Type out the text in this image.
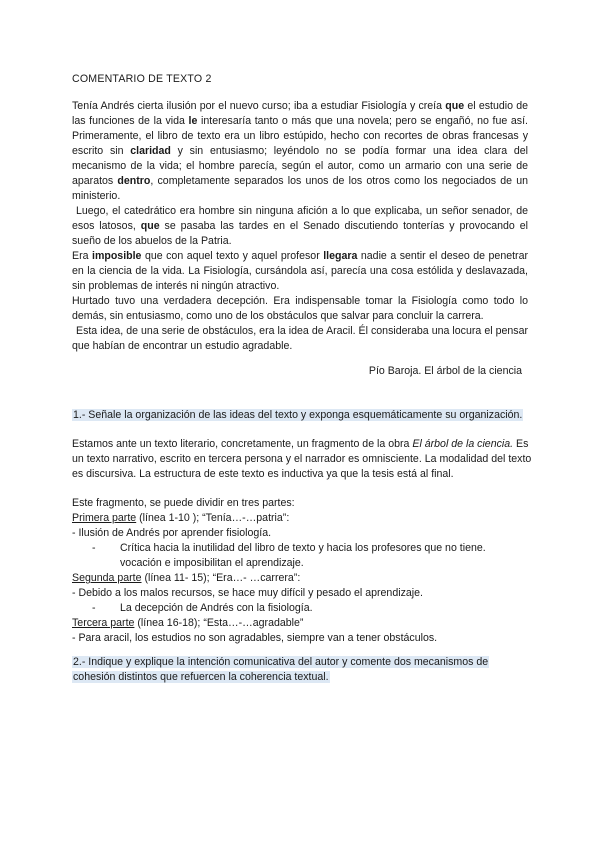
COMENTARIO DE TEXTO 2

Tenía Andrés cierta ilusión por el nuevo curso; iba a estudiar Fisiología y creía que el estudio de las funciones de la vida le interesaría tanto o más que una novela; pero se engañó, no fue así. Primeramente, el libro de texto era un libro estúpido, hecho con recortes de obras francesas y escrito sin claridad y sin entusiasmo; leyéndolo no se podía formar una idea clara del mecanismo de la vida; el hombre parecía, según el autor, como un armario con una serie de aparatos dentro, completamente separados los unos de los otros como los negociados de un ministerio.

Luego, el catedrático era hombre sin ninguna afición a lo que explicaba, un señor senador, de esos latosos, que se pasaba las tardes en el Senado discutiendo tonterías y provocando el sueño de los abuelos de la Patria.

Era imposible que con aquel texto y aquel profesor llegara nadie a sentir el deseo de penetrar en la ciencia de la vida. La Fisiología, cursándola así, parecía una cosa estólida y deslavazada, sin problemas de interés ni ningún atractivo.

Hurtado tuvo una verdadera decepción. Era indispensable tomar la Fisiología como todo lo demás, sin entusiasmo, como uno de los obstáculos que salvar para concluir la carrera.

Esta idea, de una serie de obstáculos, era la idea de Aracil. Él consideraba una locura el pensar que habían de encontrar un estudio agradable.

Pío Baroja. El árbol de la ciencia
1.- Señale la organización de las ideas del texto y exponga esquemáticamente su organización.
Estamos ante un texto literario, concretamente, un fragmento de la obra El árbol de la ciencia. Es un texto narrativo, escrito en tercera persona y el narrador es omnisciente. La modalidad del texto es discursiva. La estructura de este texto es inductiva ya que la tesis está al final.
Este fragmento, se puede dividir en tres partes:
Primera parte (línea 1-10 ); “Tenía…-…patria”:
- Ilusión de Andrés por aprender fisiología.
- Crítica hacia la inutilidad del libro de texto y hacia los profesores que no tiene.
vocación e imposibilitan el aprendizaje.
Segunda parte (línea 11- 15); “Era…- …carrera”:
- Debido a los malos recursos, se hace muy difícil y pesado el aprendizaje.
- La decepción de Andrés con la fisiología.
Tercera parte (línea 16-18); “Esta…-…agradable”
- Para aracil, los estudios no son agradables, siempre van a tener obstáculos.
2.- Indique y explique la intención comunicativa del autor y comente dos mecanismos de cohesión distintos que refuercen la coherencia textual.
